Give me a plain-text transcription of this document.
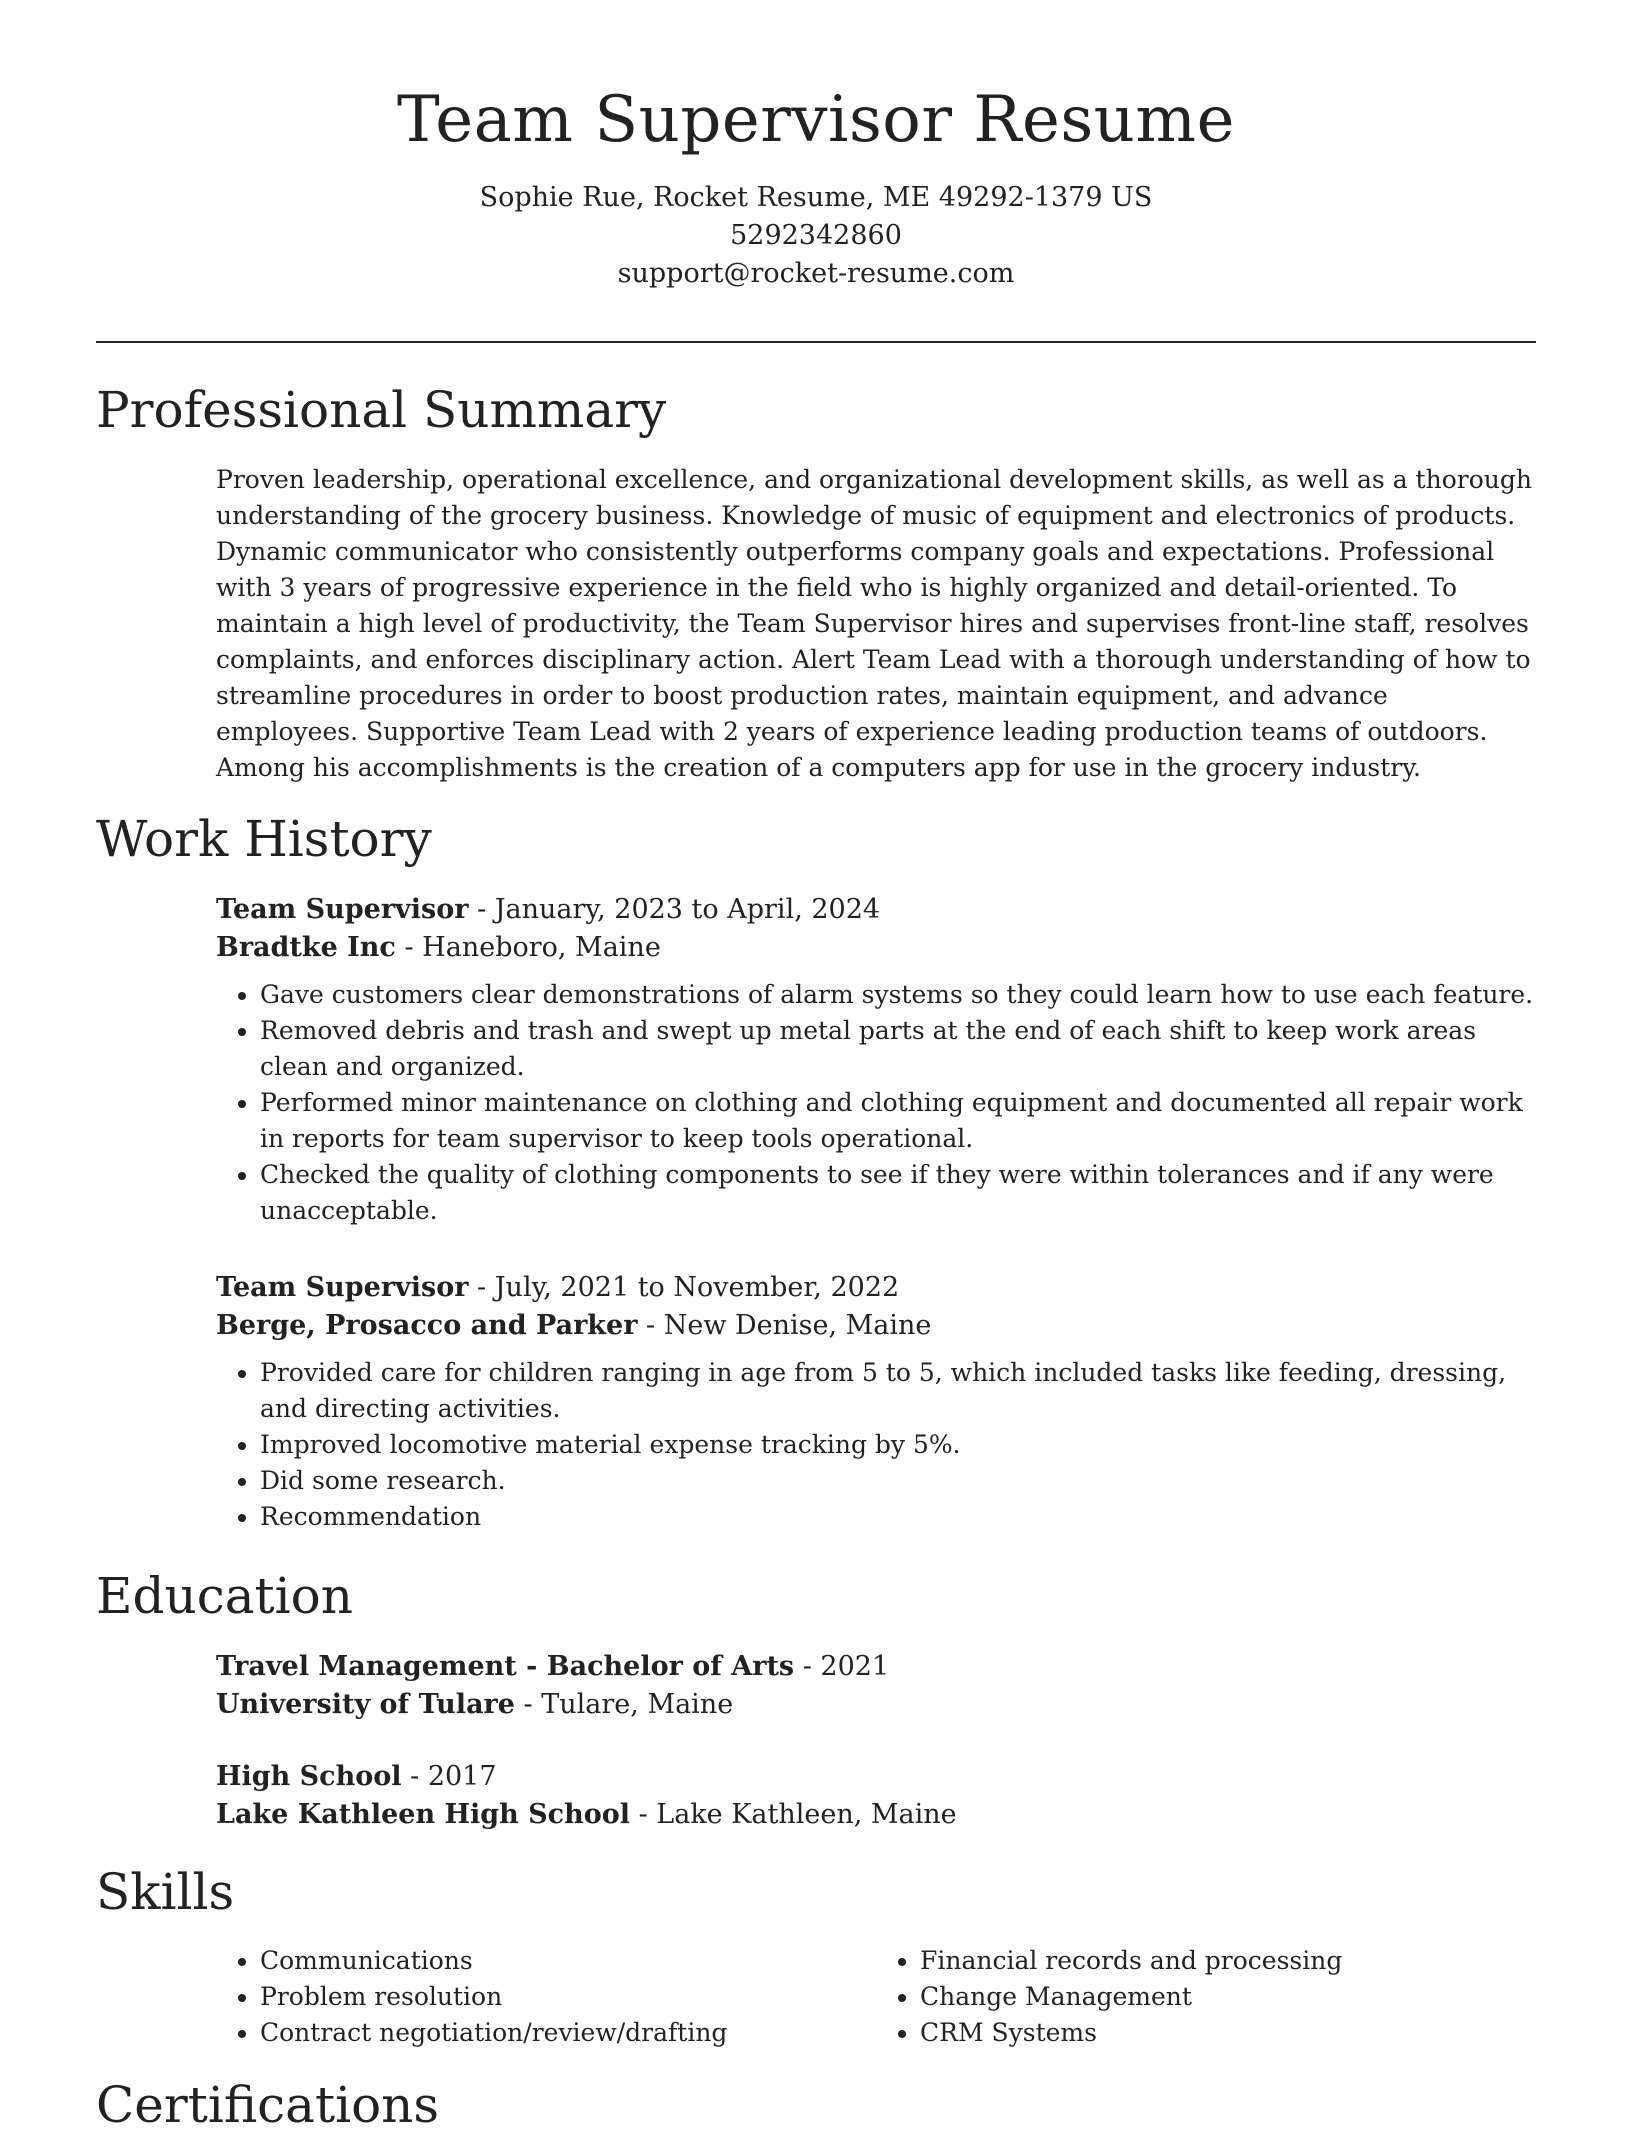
Team Supervisor Resume
Sophie Rue, Rocket Resume, ME 49292-1379 US
5292342860
support@rocket-resume.com
Professional Summary

Proven leadership, operational excellence, and organizational development skills, as well as a thorough understanding of the grocery business. Knowledge of music of equipment and electronics of products. Dynamic communicator who consistently outperforms company goals and expectations. Professional with 3 years of progressive experience in the field who is highly organized and detail-oriented. To maintain a high level of productivity, the Team Supervisor hires and supervises front-line staff, resolves complaints, and enforces disciplinary action. Alert Team Lead with a thorough understanding of how to streamline procedures in order to boost production rates, maintain equipment, and advance employees. Supportive Team Lead with 2 years of experience leading production teams of outdoors. Among his accomplishments is the creation of a computers app for use in the grocery industry.

Work History
Team Supervisor - January, 2023 to April, 2024
Bradtke Inc - Haneboro, Maine
• Gave customers clear demonstrations of alarm systems so they could learn how to use each feature.
• Removed debris and trash and swept up metal parts at the end of each shift to keep work areas clean and organized.
• Performed minor maintenance on clothing and clothing equipment and documented all repair work in reports for team supervisor to keep tools operational.
• Checked the quality of clothing components to see if they were within tolerances and if any were unacceptable.
Team Supervisor - July, 2021 to November, 2022
Berge, Prosacco and Parker - New Denise, Maine
• Provided care for children ranging in age from 5 to 5, which included tasks like feeding, dressing, and directing activities.
• Improved locomotive material expense tracking by 5%.
• Did some research.
• Recommendation
Education
Travel Management - Bachelor of Arts - 2021
University of Tulare - Tulare, Maine
High School - 2017
Lake Kathleen High School - Lake Kathleen, Maine
Skills
• Communications
• Problem resolution
• Contract negotiation/review/drafting
• Financial records and processing
• Change Management
• CRM Systems
Certifications
